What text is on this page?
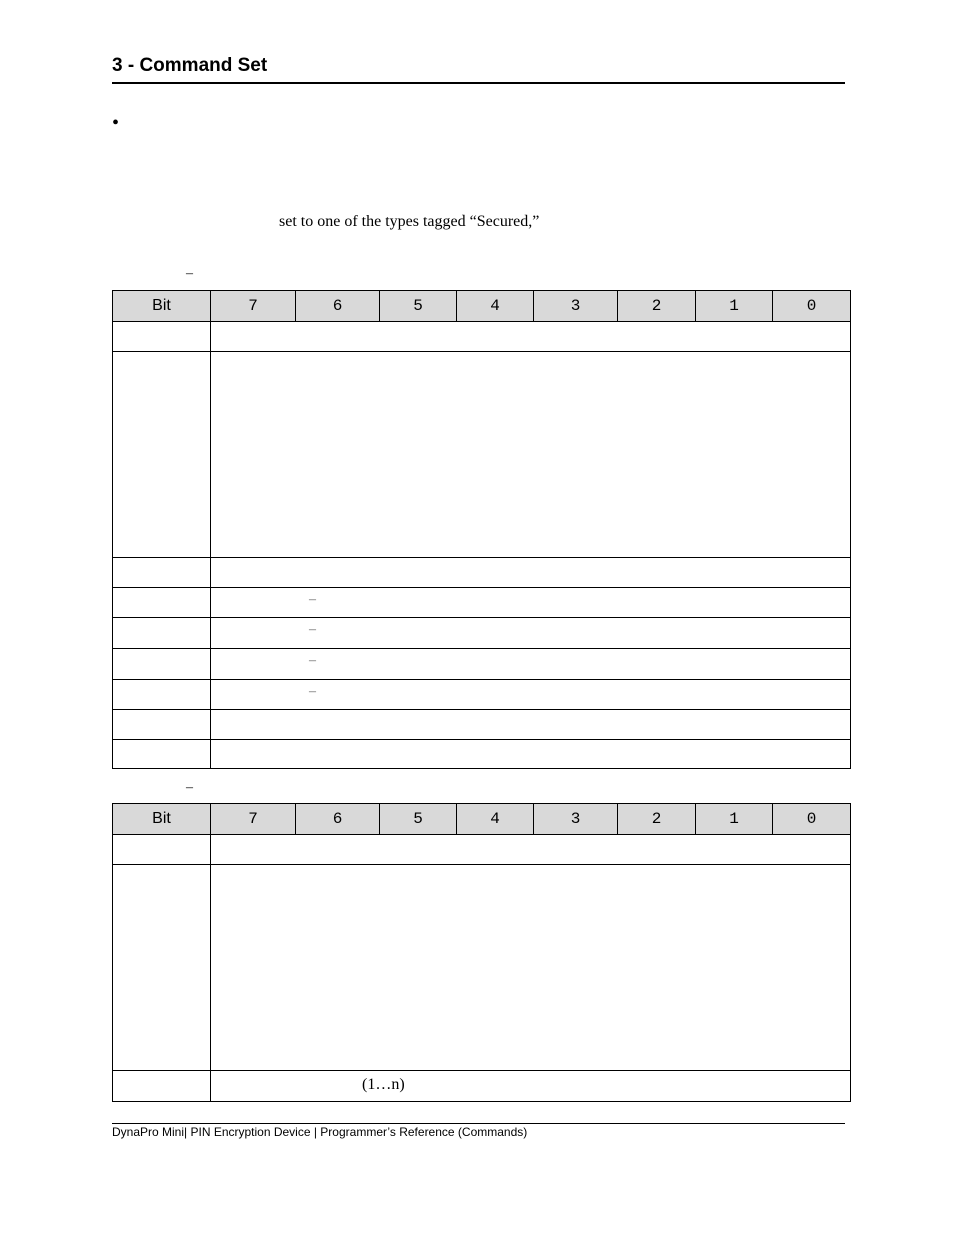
3 - Command Set
•
set to one of the types tagged “Secured,”
–
Bit	7	6	5	4	3	2	1	0

	–							

	–							

	–							

	–							

–
Bit	7	6	5	4	3	2	1	0

	(1…n)							
DynaPro Mini| PIN Encryption Device | Programmer’s Reference (Commands)
